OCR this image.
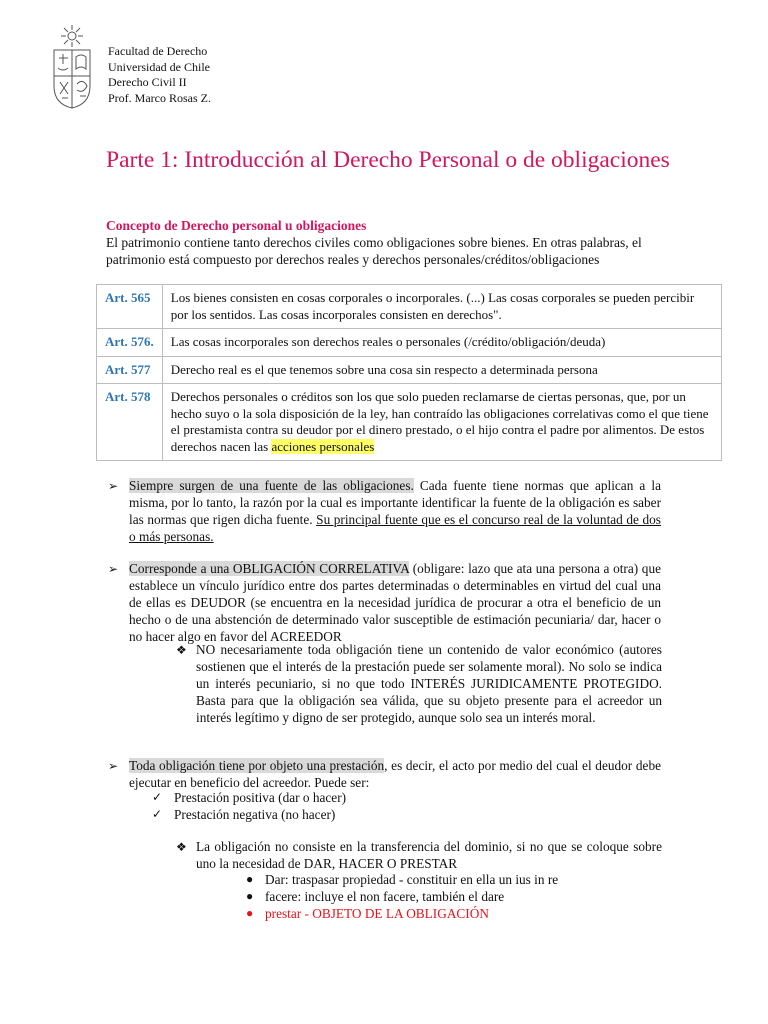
Facultad de Derecho
Universidad de Chile
Derecho Civil II
Prof. Marco Rosas Z.
Parte 1: Introducción al Derecho Personal o de obligaciones
Concepto de Derecho personal u obligaciones
El patrimonio contiene tanto derechos civiles como obligaciones sobre bienes. En otras palabras, el patrimonio está compuesto por derechos reales y derechos personales/créditos/obligaciones
Art. 565	Los bienes consisten en cosas corporales o incorporales. (...) Las cosas corporales se pueden percibir por los sentidos. Las cosas incorporales consisten en derechos".
Art. 576.	Las cosas incorporales son derechos reales o personales (/crédito/obligación/deuda)
Art. 577	Derecho real es el que tenemos sobre una cosa sin respecto a determinada persona
Art. 578	Derechos personales o créditos son los que solo pueden reclamarse de ciertas personas, que, por un hecho suyo o la sola disposición de la ley, han contraído las obligaciones correlativas como el que tiene el prestamista contra su deudor por el dinero prestado, o el hijo contra el padre por alimentos. De estos derechos nacen las acciones personales
➢ Siempre surgen de una fuente de las obligaciones. Cada fuente tiene normas que aplican a la misma, por lo tanto, la razón por la cual es importante identificar la fuente de la obligación es saber las normas que rigen dicha fuente. Su principal fuente que es el concurso real de la voluntad de dos o más personas.
➢ Corresponde a una OBLIGACIÓN CORRELATIVA (obligare: lazo que ata una persona a otra) que establece un vínculo jurídico entre dos partes determinadas o determinables en virtud del cual una de ellas es DEUDOR (se encuentra en la necesidad jurídica de procurar a otra el beneficio de un hecho o de una abstención de determinado valor susceptible de estimación pecuniaria/ dar, hacer o no hacer algo en favor del ACREEDOR
❖ NO necesariamente toda obligación tiene un contenido de valor económico (autores sostienen que el interés de la prestación puede ser solamente moral). No solo se indica un interés pecuniario, si no que todo INTERÉS JURIDICAMENTE PROTEGIDO. Basta para que la obligación sea válida, que su objeto presente para el acreedor un interés legítimo y digno de ser protegido, aunque solo sea un interés moral.
➢ Toda obligación tiene por objeto una prestación, es decir, el acto por medio del cual el deudor debe ejecutar en beneficio del acreedor. Puede ser:
✓ Prestación positiva (dar o hacer)
✓ Prestación negativa (no hacer)
❖ La obligación no consiste en la transferencia del dominio, si no que se coloque sobre uno la necesidad de DAR, HACER O PRESTAR
● Dar: traspasar propiedad - constituir en ella un ius in re
● facere: incluye el non facere, también el dare
● prestar - OBJETO DE LA OBLIGACIÓN
